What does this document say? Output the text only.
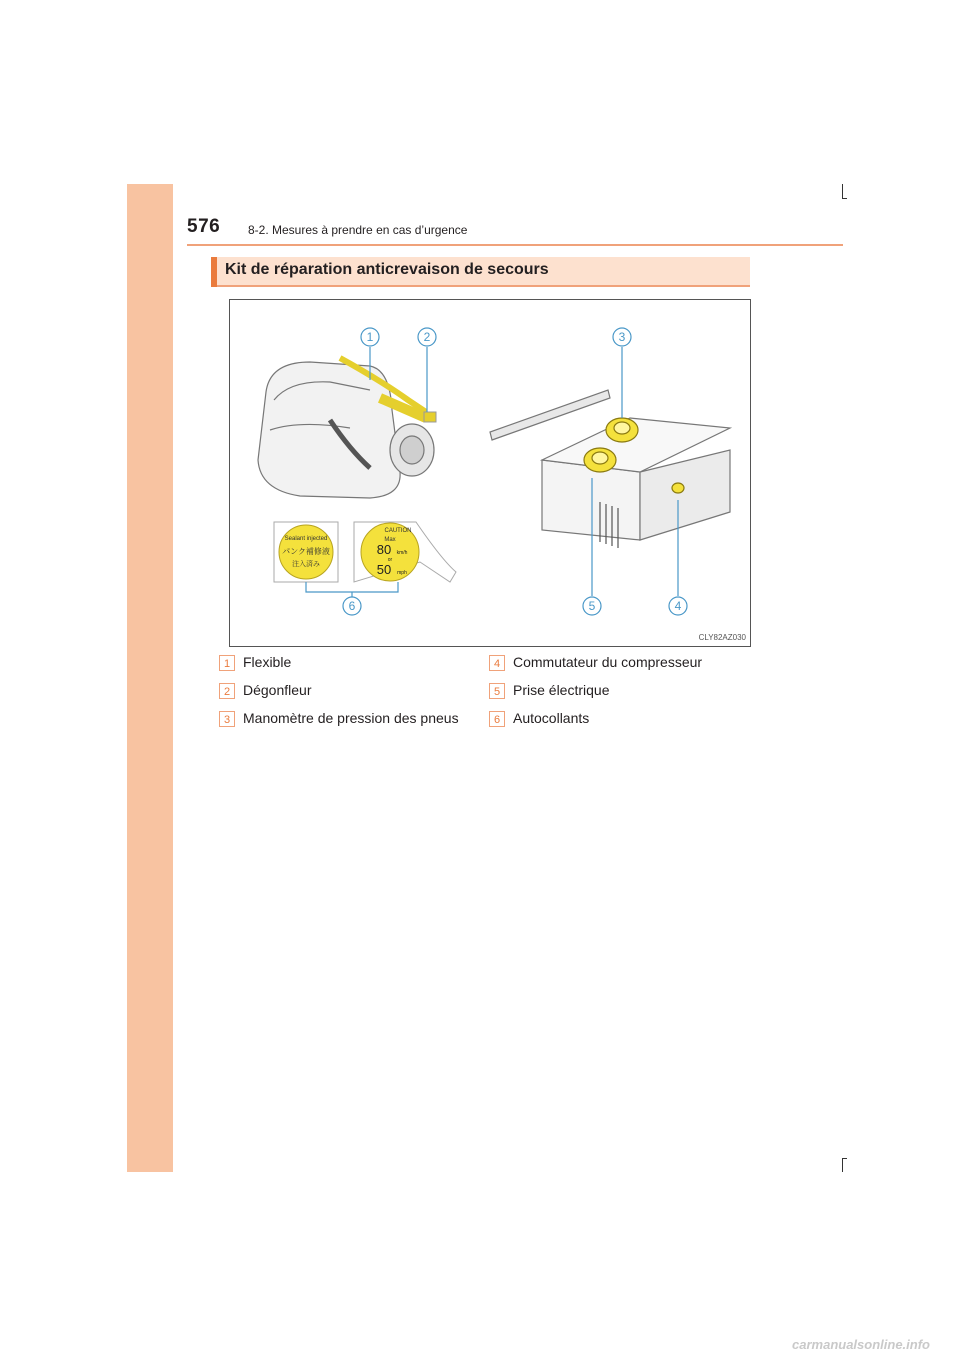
576 8-2. Mesures à prendre en cas d’urgence
Kit de réparation anticrevaison de secours
Sealant injected
パンク補修液
注入済み
CAUTION
Max
80 km/h
or
50 mph
1	2	3
4
5
6
CLY82AZ030
1 Flexible
2 Dégonfleur
3 Manomètre de pression des pneus
4 Commutateur du compresseur
5 Prise électrique
6 Autocollants
carmanualsonline.info
